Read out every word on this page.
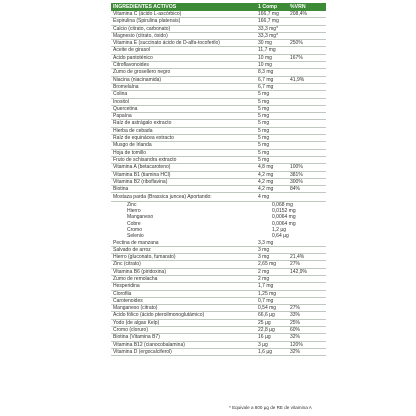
INGREDIENTES ACTIVOS	1 Comp	%VRN
Vitamina C (ácido L-ascórbico)	166,7 mg	208,4%
Espirulina (Spirulina platensis)	166,7 mg
Calcio (citrato, carbonato)	33,3 mg*
Magnesio (citrato, óxido)	33,3 mg*
Vitamina E (succinato ácido de D-alfa-tocoferilo)	30 mg	250%
Aceite de girasol	11,7 mg
Ácido pantoténico	10 mg	167%
Citroflavonoides	10 mg
Zumo de grosellero negro	8,3 mg
Niacina (niacinamida)	6,7 mg	41,9%
Bromelaína	6,7 mg
Colina	5 mg
Inositol	5 mg
Quercetina	5 mg
Papaína	5 mg
Raíz de astrágalo extracto	5 mg
Hierba de cebada	5 mg
Raíz de equinácea extracto	5 mg
Musgo de Irlanda	5 mg
Hoja de tomillo	5 mg
Fruto de schisandra extracto	5 mg
Vitamina A (betacaroteno)	4,8 mg	100%
Vitamina B1 (tiamina HCl)	4,2 mg	381%
Vitamina B2 (riboflavina)	4,2 mg	300%
Biotina	4,2 mg	84%
Mostaza parda (Brassica juncea) Aportando:	4 mg
Zinc	0,068 mg
Hierro	0,0152 mg
Manganeso	0,0064 mg
Cobre	0,0064 mg
Cromo	1,2 µg
Selenio	0,64 µg
Pectina de manzana	3,3 mg
Salvado de arroz	3 mg
Hierro (gluconato, fumarato)	3 mg	21,4%
Zinc (citrato)	2,65 mg	27%
Vitamina B6 (piridoxina)	2 mg	142,9%
Zumo de remolacha	2 mg
Hesperidina	1,7 mg
Clorofila	1,25 mg
Carotenoides	0,7 mg
Manganeso (citrato)	0,54 mg	27%
Ácido fólico (ácido pteroilmonoglutámico)	66,6 µg	33%
Yodo (de algas Kelp)	25 µg	25%
Cromo (cloruro)	22,8 µg	60%
Biotina (Vitamina B7)	16 µg	32%
Vitamina B12 (cianocobalamina)	3 µg	120%
Vitamina D (ergocalciferol)	1,6 µg	32%
* Equivale a 800 µg de RE de vitamina A
